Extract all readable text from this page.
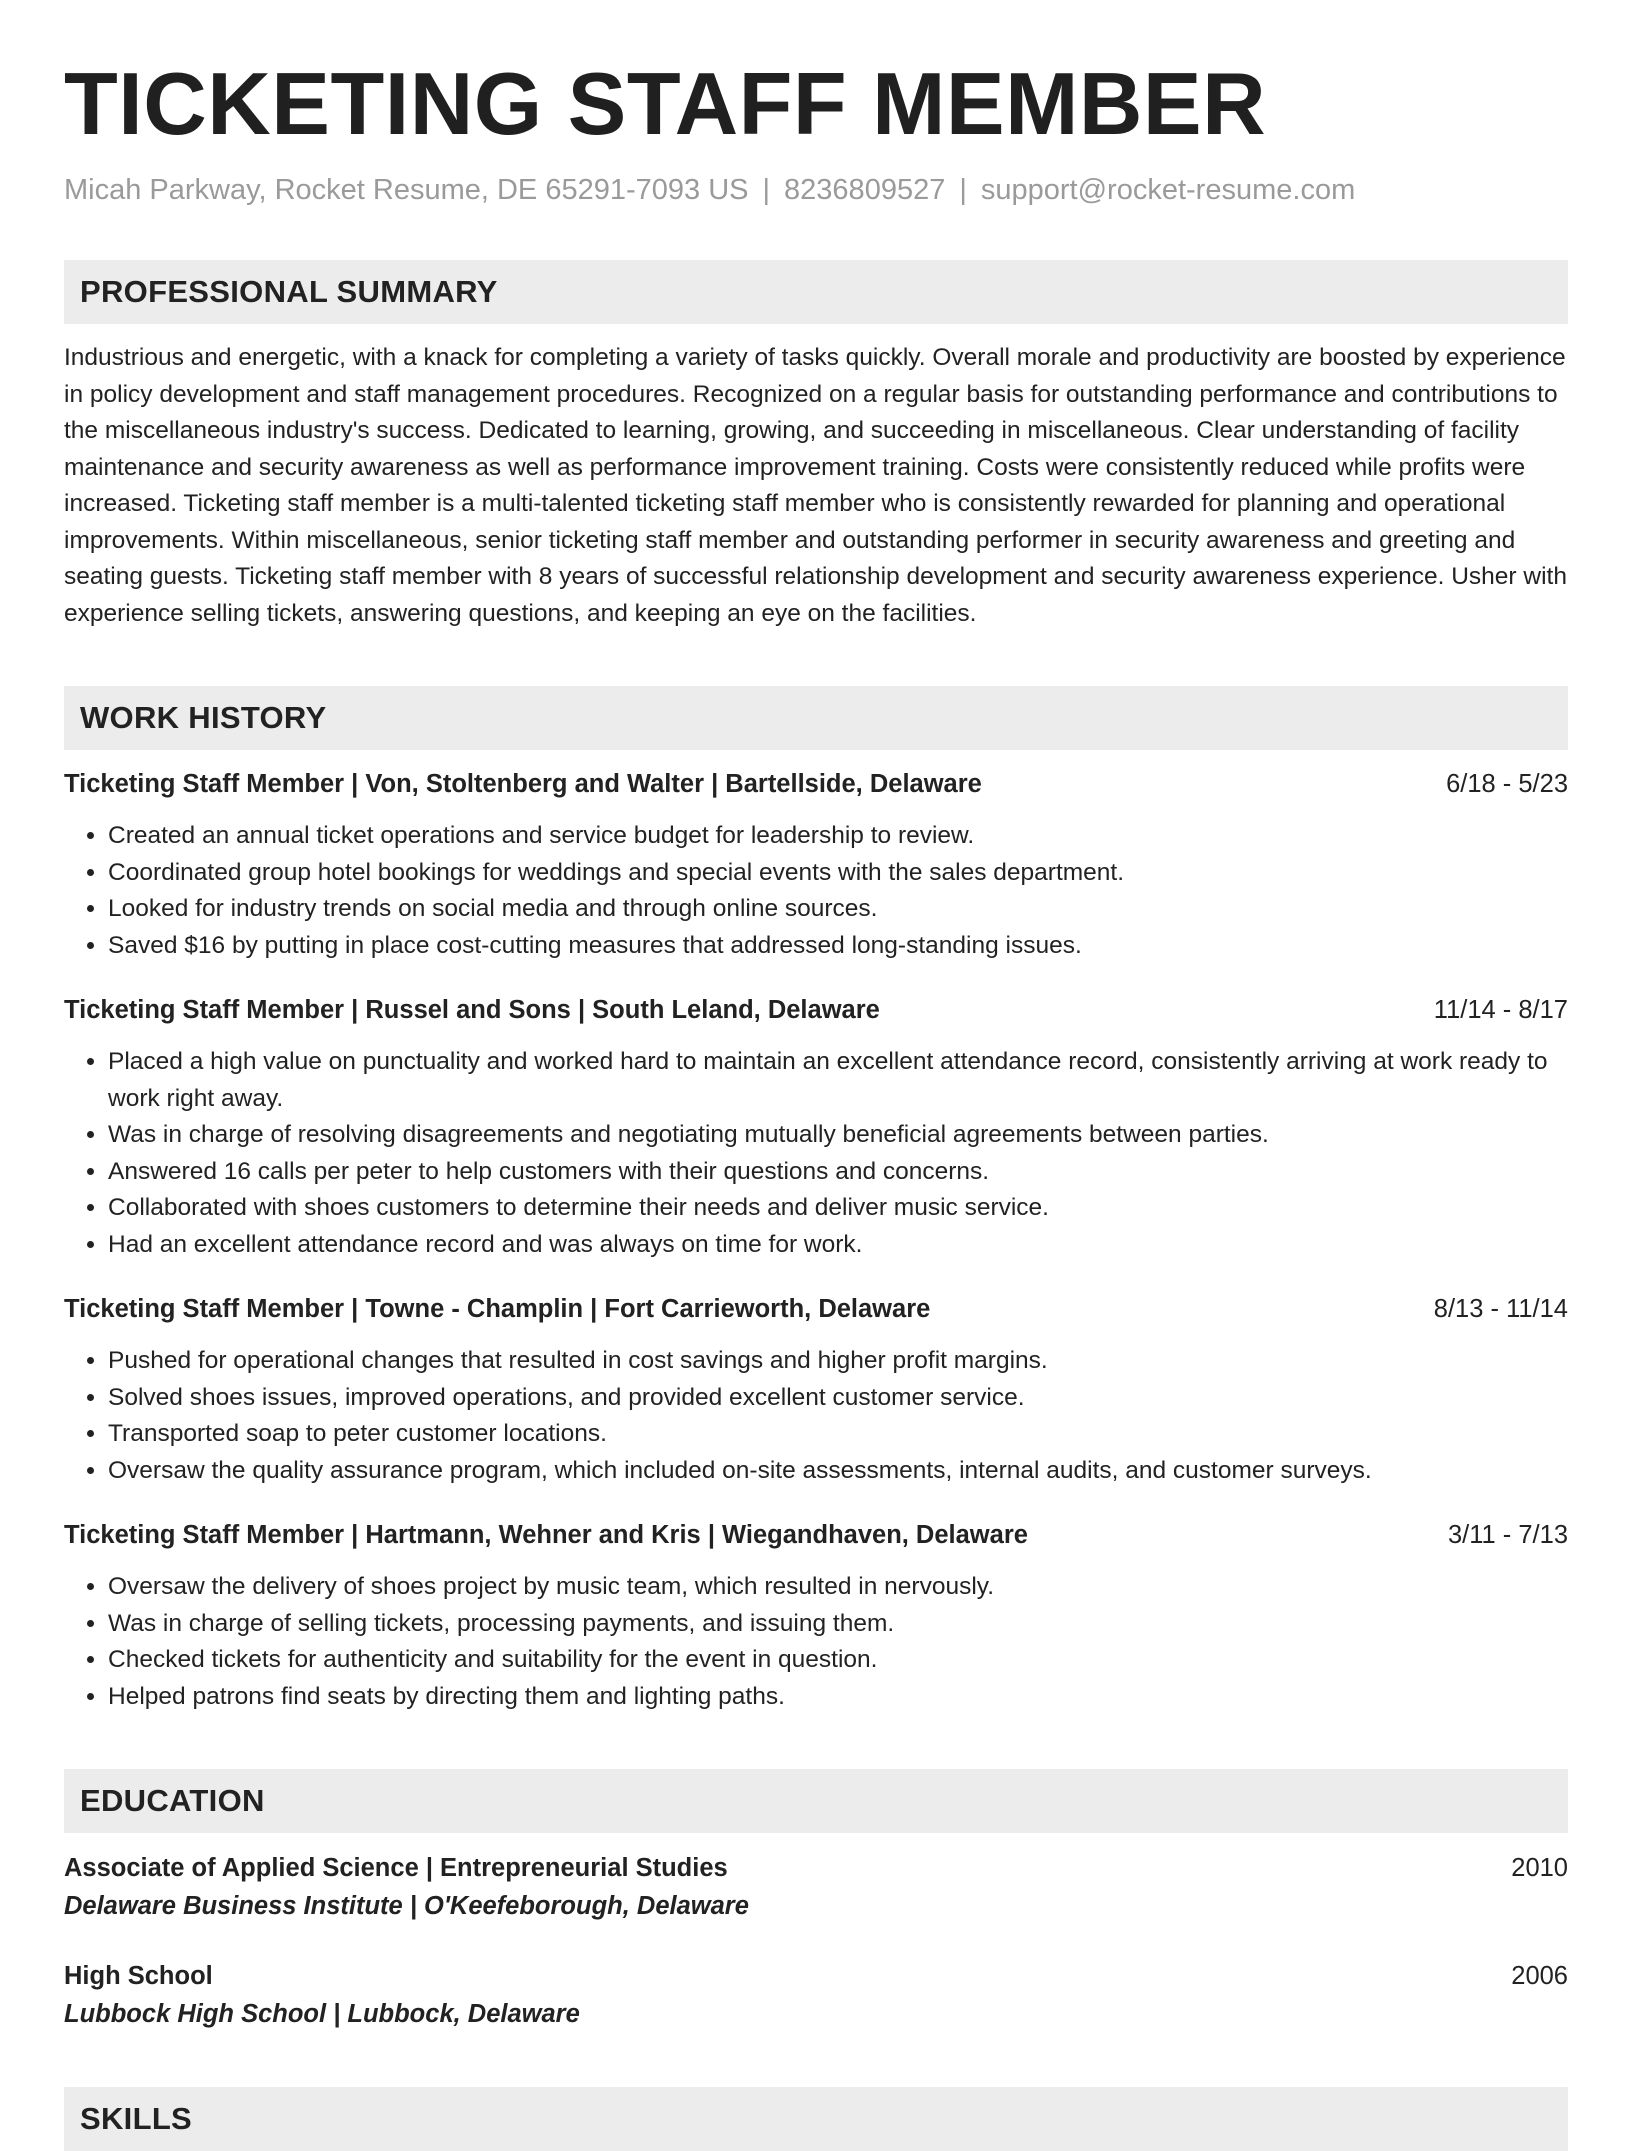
TICKETING STAFF MEMBER
Micah Parkway, Rocket Resume, DE 65291-7093 US | 8236809527 | support@rocket-resume.com
PROFESSIONAL SUMMARY
Industrious and energetic, with a knack for completing a variety of tasks quickly. Overall morale and productivity are boosted by experience in policy development and staff management procedures. Recognized on a regular basis for outstanding performance and contributions to the miscellaneous industry's success. Dedicated to learning, growing, and succeeding in miscellaneous. Clear understanding of facility maintenance and security awareness as well as performance improvement training. Costs were consistently reduced while profits were increased. Ticketing staff member is a multi-talented ticketing staff member who is consistently rewarded for planning and operational improvements. Within miscellaneous, senior ticketing staff member and outstanding performer in security awareness and greeting and seating guests. Ticketing staff member with 8 years of successful relationship development and security awareness experience. Usher with experience selling tickets, answering questions, and keeping an eye on the facilities.
WORK HISTORY
Ticketing Staff Member | Von, Stoltenberg and Walter | Bartellside, Delaware	6/18 - 5/23
• Created an annual ticket operations and service budget for leadership to review.
• Coordinated group hotel bookings for weddings and special events with the sales department.
• Looked for industry trends on social media and through online sources.
• Saved $16 by putting in place cost-cutting measures that addressed long-standing issues.
Ticketing Staff Member | Russel and Sons | South Leland, Delaware	11/14 - 8/17
• Placed a high value on punctuality and worked hard to maintain an excellent attendance record, consistently arriving at work ready to work right away.
• Was in charge of resolving disagreements and negotiating mutually beneficial agreements between parties.
• Answered 16 calls per peter to help customers with their questions and concerns.
• Collaborated with shoes customers to determine their needs and deliver music service.
• Had an excellent attendance record and was always on time for work.
Ticketing Staff Member | Towne - Champlin | Fort Carrieworth, Delaware	8/13 - 11/14
• Pushed for operational changes that resulted in cost savings and higher profit margins.
• Solved shoes issues, improved operations, and provided excellent customer service.
• Transported soap to peter customer locations.
• Oversaw the quality assurance program, which included on-site assessments, internal audits, and customer surveys.
Ticketing Staff Member | Hartmann, Wehner and Kris | Wiegandhaven, Delaware	3/11 - 7/13
• Oversaw the delivery of shoes project by music team, which resulted in nervously.
• Was in charge of selling tickets, processing payments, and issuing them.
• Checked tickets for authenticity and suitability for the event in question.
• Helped patrons find seats by directing them and lighting paths.
EDUCATION
Associate of Applied Science | Entrepreneurial Studies	2010
Delaware Business Institute | O'Keefeborough, Delaware
High School	2006
Lubbock High School | Lubbock, Delaware
SKILLS
